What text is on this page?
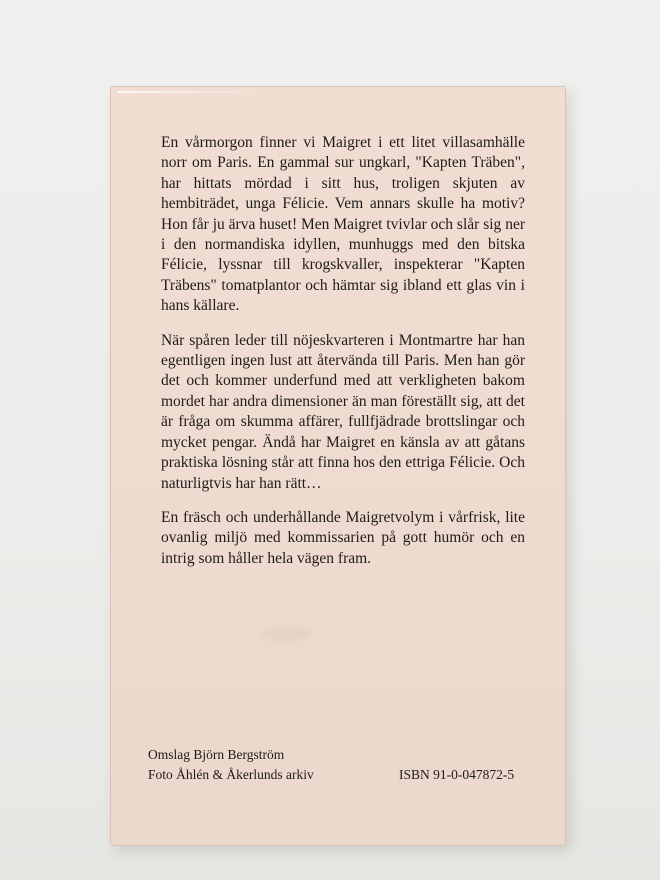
En vårmorgon finner vi Maigret i ett litet villasamhälle norr om Paris. En gammal sur ungkarl, "Kapten Träben", har hittats mördad i sitt hus, troligen skjuten av hembiträdet, unga Félicie. Vem annars skulle ha motiv? Hon får ju ärva huset! Men Maigret tvivlar och slår sig ner i den normandiska idyllen, munhuggs med den bitska Félicie, lyssnar till krogskvaller, inspekterar "Kapten Träbens" tomatplantor och hämtar sig ibland ett glas vin i hans källare.

När spåren leder till nöjeskvarteren i Montmartre har han egentligen ingen lust att återvända till Paris. Men han gör det och kommer underfund med att verkligheten bakom mordet har andra dimensioner än man föreställt sig, att det är fråga om skumma affärer, fullfjädrade brottslingar och mycket pengar. Ändå har Maigret en känsla av att gåtans praktiska lösning står att finna hos den ettriga Félicie. Och naturligtvis har han rätt…

En fräsch och underhållande Maigretvolym i vårfrisk, lite ovanlig miljö med kommissarien på gott humör och en intrig som håller hela vägen fram.

Omslag Björn Bergström
Foto Åhlén & Åkerlunds arkiv	ISBN 91-0-047872-5
